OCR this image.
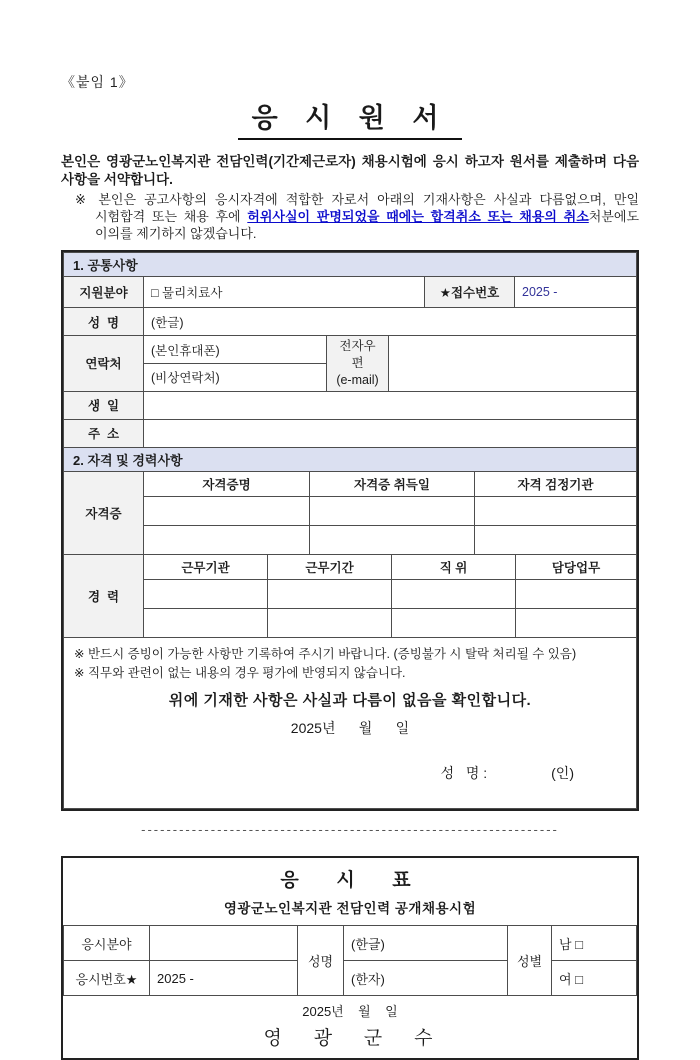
《붙임 1》
응 시 원 서

본인은 영광군노인복지관 전담인력(기간제근로자) 채용시험에 응시 하고자 원서를 제출하며 다음 사항을 서약합니다.

※ 본인은 공고사항의 응시자격에 적합한 자로서 아래의 기재사항은 사실과 다름없으며, 만일 시험합격 또는 채용 후에 허위사실이 판명되었을 때에는 합격취소 또는 채용의 취소처분에도 이의를 제기하지 않겠습니다.

1. 공통사항
지원분야	□ 물리치료사	★접수번호	2025 -
성  명	(한글)
연락처	(본인휴대폰)	전자우편
(e-mail)

(비상연락처)
생  일	
주  소	
2. 자격 및 경력사항
자격증	자격증명	자격증 취득일	자격 검정기관

경  력	근무기관	근무기간	직 위	담당업무

※ 반드시 증빙이 가능한 사항만 기록하여 주시기 바랍니다. (증빙불가 시 탈락 처리될 수 있음)
※ 직무와 관련이 없는 내용의 경우 평가에 반영되지 않습니다.
위에 기재한 사항은 사실과 다름이 없음을 확인합니다.
2025년      월      일

성   명 :	(인)

------------------------------------------------------------------
응  시  표
영광군노인복지관 전담인력 공개채용시험
응시분야		성명	(한글)	성별	남 □
응시번호★	2025 -		(한자)		여 □
2025년    월    일
영   광   군   수
